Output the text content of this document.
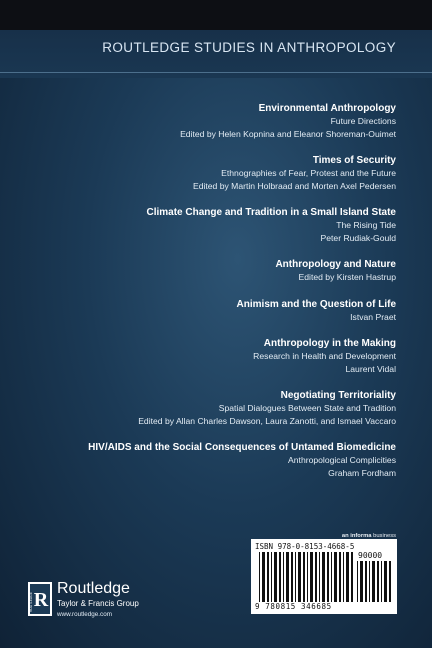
ROUTLEDGE STUDIES IN ANTHROPOLOGY
Environmental Anthropology
Future Directions
Edited by Helen Kopnina and Eleanor Shoreman-Ouimet
Times of Security
Ethnographies of Fear, Protest and the Future
Edited by Martin Holbraad and Morten Axel Pedersen
Climate Change and Tradition in a Small Island State
The Rising Tide
Peter Rudiak-Gould
Anthropology and Nature
Edited by Kirsten Hastrup
Animism and the Question of Life
Istvan Praet
Anthropology in the Making
Research in Health and Development
Laurent Vidal
Negotiating Territoriality
Spatial Dialogues Between State and Tradition
Edited by Allan Charles Dawson, Laura Zanotti, and Ismael Vaccaro
HIV/AIDS and the Social Consequences of Untamed Biomedicine
Anthropological Complicities
Graham Fordham
an informa business
ISBN 978-0-8153-4668-5
90000
9 780815 346685
R
ROUTLEDGE
Routledge
Taylor & Francis Group
www.routledge.com
